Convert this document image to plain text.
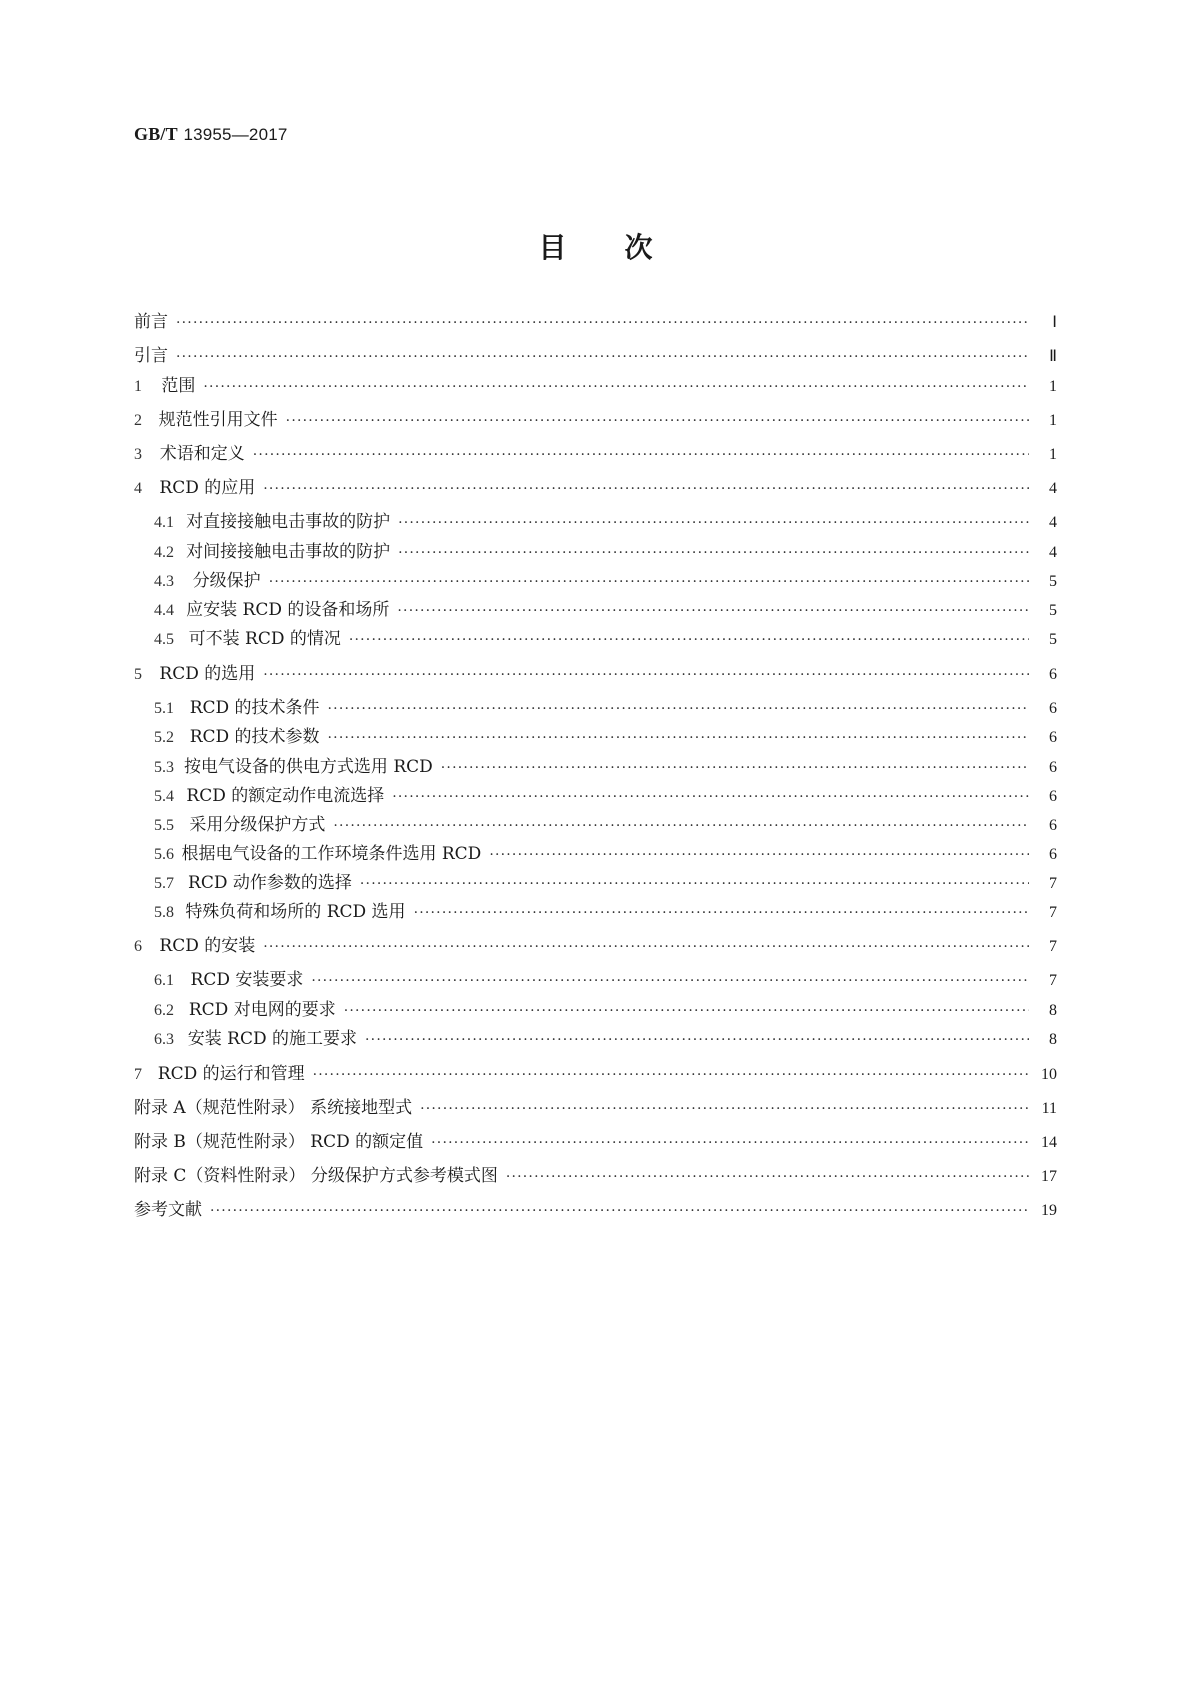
GB/T 13955—2017
目次
前言 ·····	Ⅰ
引言 ·····	Ⅱ
1	范围 ·····	1
2 规范性引用文件 ·····	1
3	术语和定义 ·····	1
4	RCD 的应用 ·····	4
4.1 对直接接触电击事故的防护 ·····	4
4.2 对间接接触电击事故的防护 ·····	4
4.3	分级保护 ·····	5
4.4 应安装 RCD 的设备和场所 ·····	5
4.5 可不装 RCD 的情况 ·····	5
5	RCD 的选用 ·····	6
5.1 RCD 的技术条件 ·····	6
5.2 RCD 的技术参数 ·····	6
5.3 按电气设备的供电方式选用 RCD ·····	6
5.4 RCD 的额定动作电流选择 ·····	6
5.5 采用分级保护方式 ·····	6
5.6 根据电气设备的工作环境条件选用 RCD ·····	6
5.7 RCD 动作参数的选择 ·····	7
5.8 特殊负荷和场所的 RCD 选用 ·····	7
6	RCD 的安装 ·····	7
6.1 RCD 安装要求 ·····	7
6.2 RCD 对电网的要求 ·····	8
6.3 安装 RCD 的施工要求 ·····	8
7 RCD 的运行和管理 ·····	10
附录 A（规范性附录） 系统接地型式 ·····	11
附录 B（规范性附录） RCD 的额定值 ·····	14
附录 C（资料性附录） 分级保护方式参考模式图 ·····	17
参考文献 ·····	19
